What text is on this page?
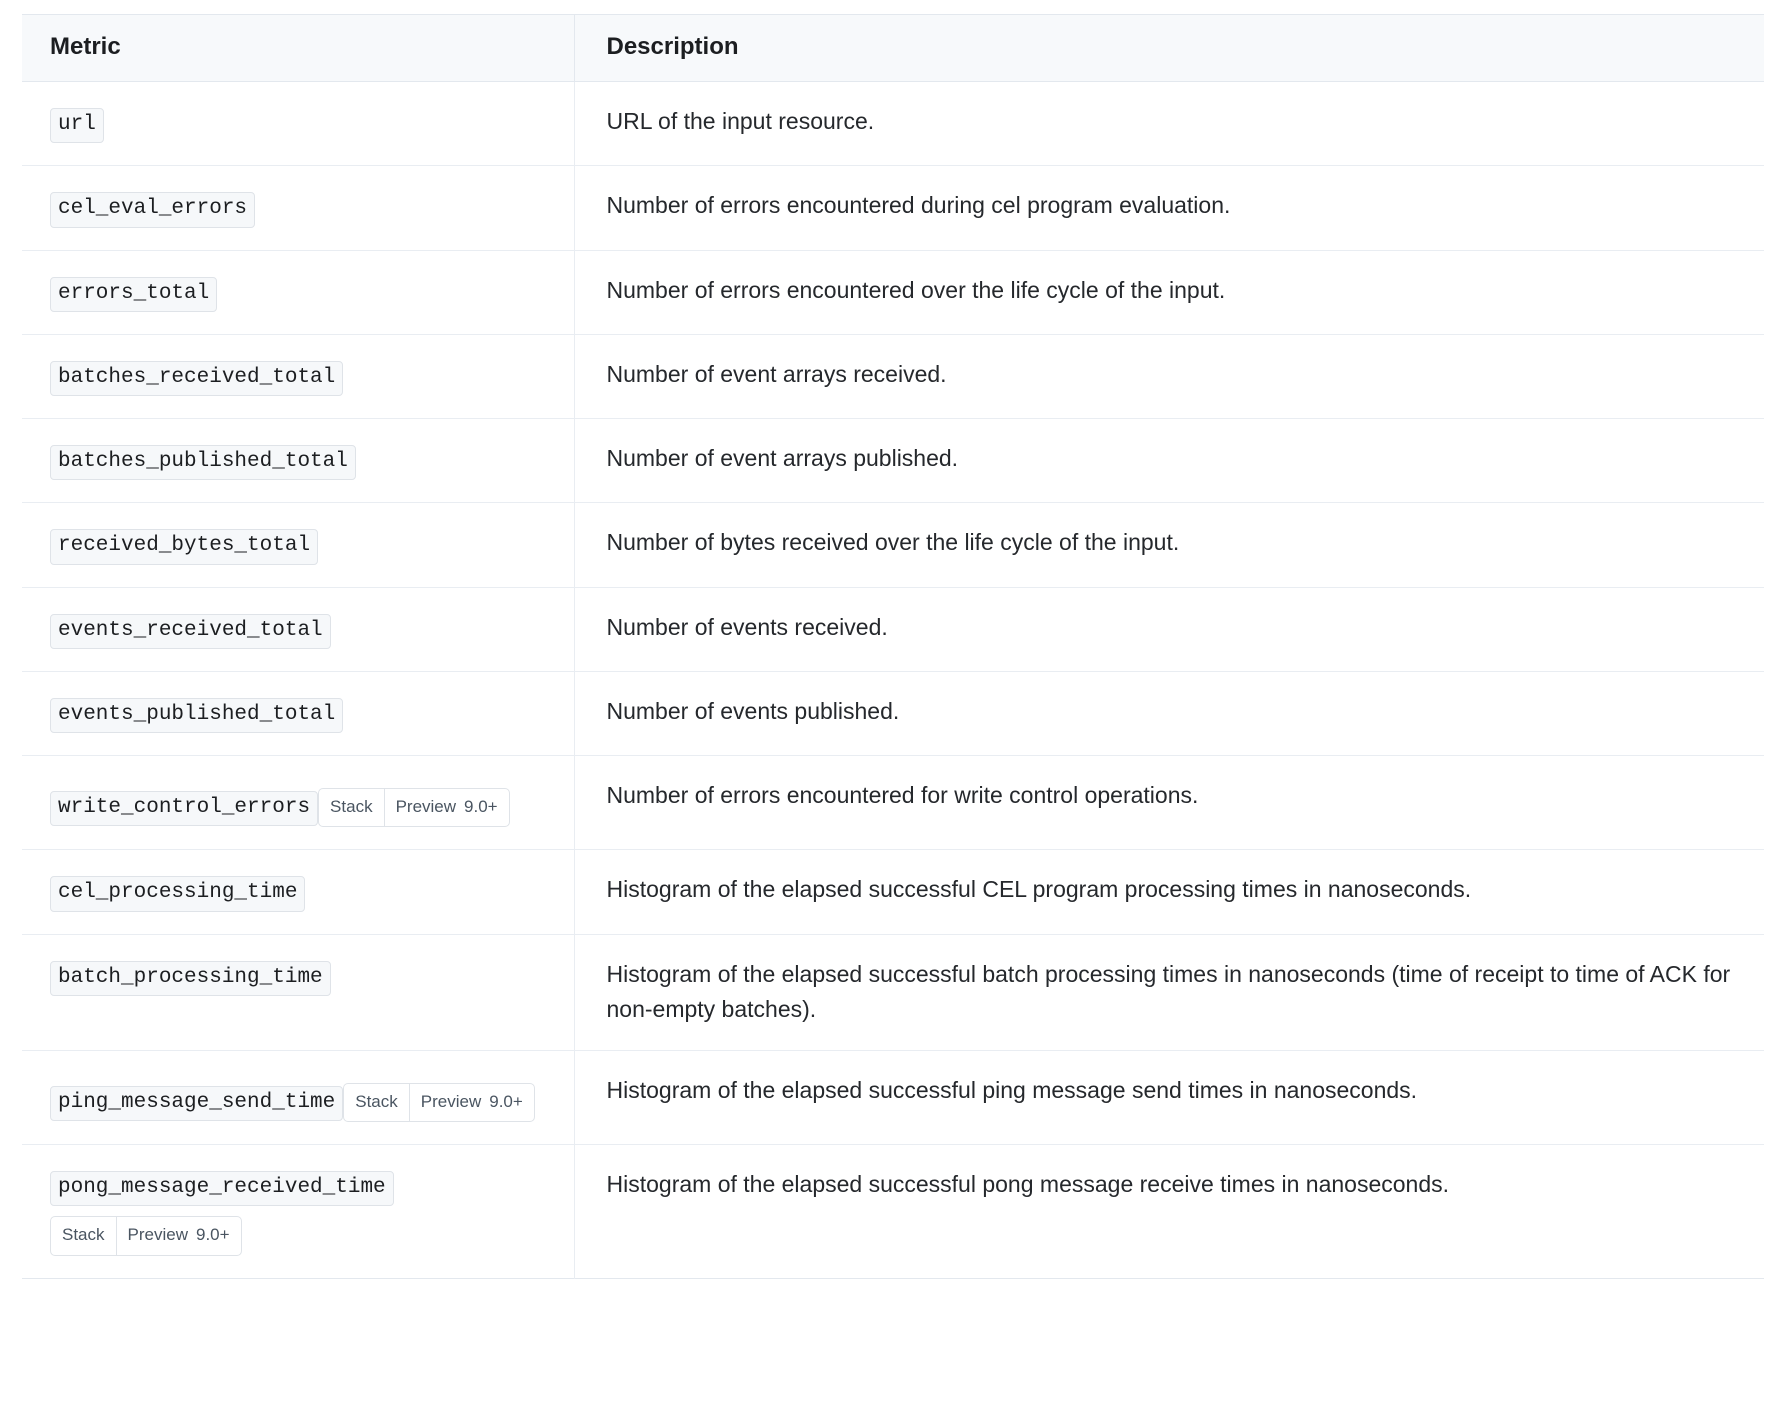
Metric	Description
url	URL of the input resource.

cel_eval_errors	Number of errors encountered during cel program evaluation.

errors_total	Number of errors encountered over the life cycle of the input.

batches_received_total	Number of event arrays received.

batches_published_total	Number of event arrays published.

received_bytes_total	Number of bytes received over the life cycle of the input.

events_received_total	Number of events received.

events_published_total	Number of events published.

write_control_errors Stack Preview 9.0+	Number of errors encountered for write control operations.

cel_processing_time	Histogram of the elapsed successful CEL program processing times in nanoseconds.

batch_processing_time	Histogram of the elapsed successful batch processing times in nanoseconds (time of receipt to time of ACK for non-empty batches).

ping_message_send_time Stack Preview 9.0+	Histogram of the elapsed successful ping message send times in nanoseconds.

pong_message_received_time
Stack Preview 9.0+	Histogram of the elapsed successful pong message receive times in nanoseconds.
